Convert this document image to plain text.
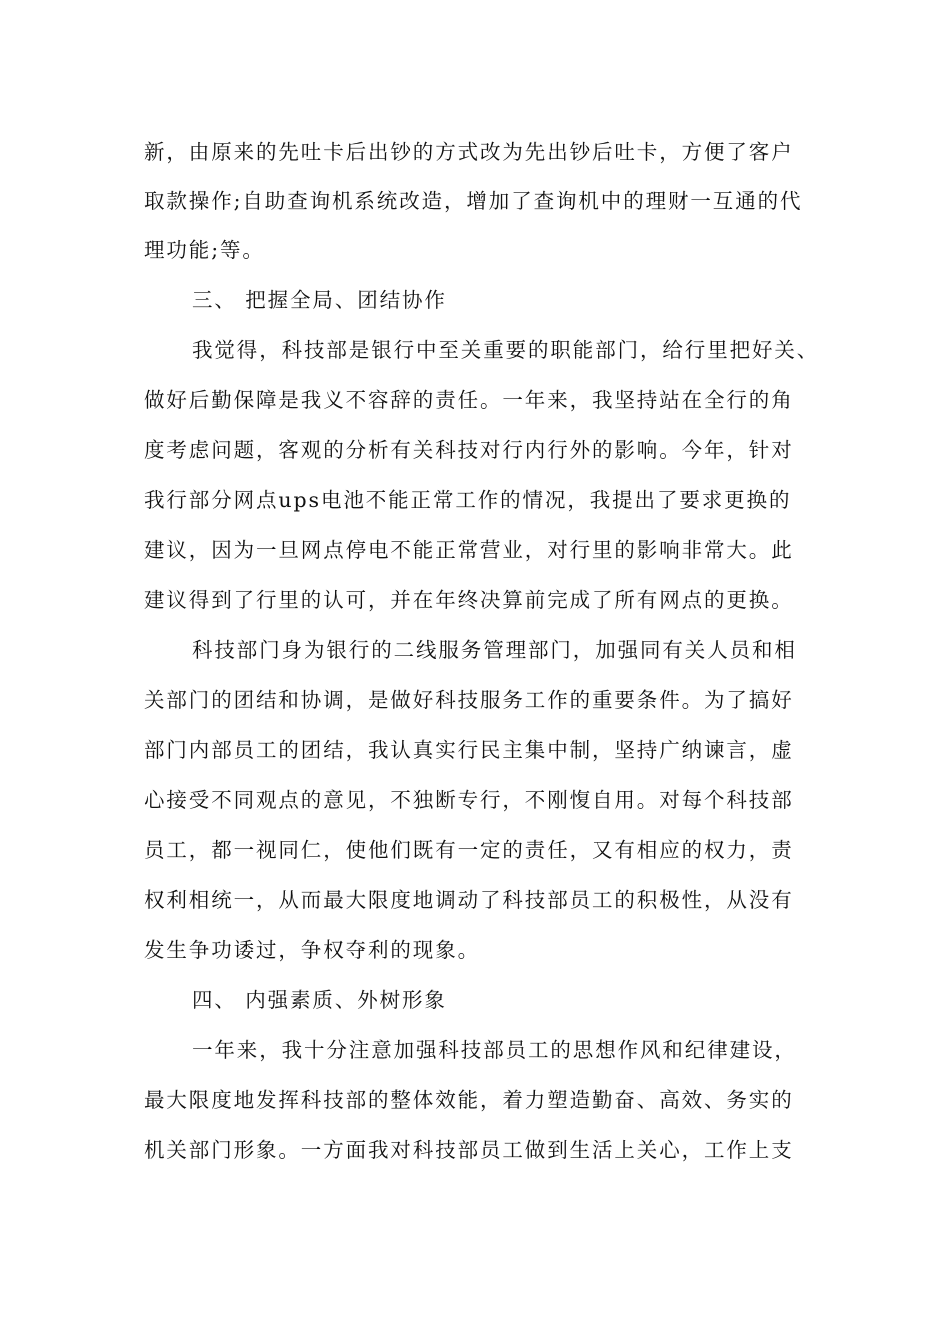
新，由原来的先吐卡后出钞的方式改为先出钞后吐卡，方便了客户
取款操作;自助查询机系统改造，增加了查询机中的理财一互通的代
理功能;等。
三、 把握全局、团结协作
我觉得，科技部是银行中至关重要的职能部门，给行里把好关、
做好后勤保障是我义不容辞的责任。一年来，我坚持站在全行的角
度考虑问题，客观的分析有关科技对行内行外的影响。今年，针对
我行部分网点ups电池不能正常工作的情况，我提出了要求更换的
建议，因为一旦网点停电不能正常营业，对行里的影响非常大。此
建议得到了行里的认可，并在年终决算前完成了所有网点的更换。
科技部门身为银行的二线服务管理部门，加强同有关人员和相
关部门的团结和协调，是做好科技服务工作的重要条件。为了搞好
部门内部员工的团结，我认真实行民主集中制，坚持广纳谏言，虚
心接受不同观点的意见，不独断专行，不刚愎自用。对每个科技部
员工，都一视同仁，使他们既有一定的责任，又有相应的权力，责
权利相统一，从而最大限度地调动了科技部员工的积极性，从没有
发生争功诿过，争权夺利的现象。
四、 内强素质、外树形象
一年来，我十分注意加强科技部员工的思想作风和纪律建设，
最大限度地发挥科技部的整体效能，着力塑造勤奋、高效、务实的
机关部门形象。一方面我对科技部员工做到生活上关心，工作上支
